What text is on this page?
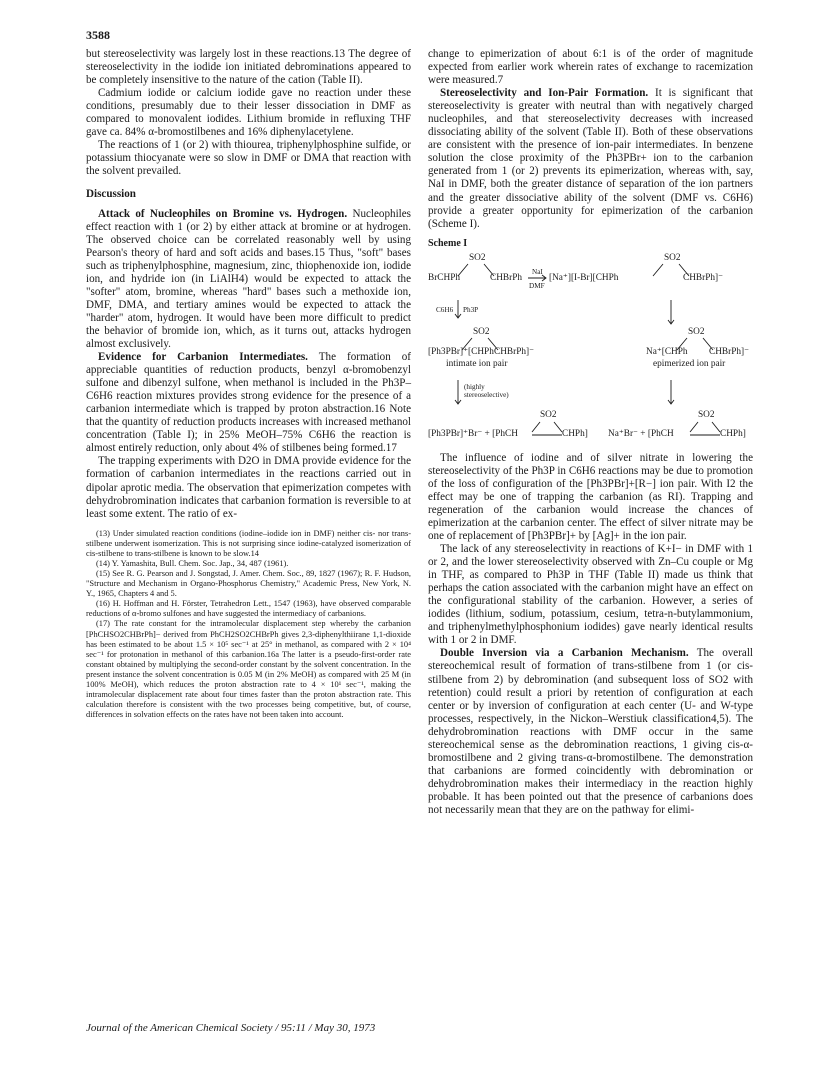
3588

but stereoselectivity was largely lost in these reactions.13 The degree of stereoselectivity in the iodide ion initiated debrominations appeared to be completely insensitive to the nature of the cation (Table II).

Cadmium iodide or calcium iodide gave no reaction under these conditions, presumably due to their lesser dissociation in DMF as compared to monovalent iodides. Lithium bromide in refluxing THF gave ca. 84% α-bromostilbenes and 16% diphenylacetylene.

The reactions of 1 (or 2) with thiourea, triphenylphosphine sulfide, or potassium thiocyanate were so slow in DMF or DMA that reaction with the solvent prevailed.

Discussion

Attack of Nucleophiles on Bromine vs. Hydrogen. Nucleophiles effect reaction with 1 (or 2) by either attack at bromine or at hydrogen. The observed choice can be correlated reasonably well by using Pearson's theory of hard and soft acids and bases.15 Thus, "soft" bases such as triphenylphosphine, magnesium, zinc, thiophenoxide ion, iodide ion, and hydride ion (in LiAlH4) would be expected to attack the "softer" atom, bromine, whereas "hard" bases such a methoxide ion, DMF, DMA, and tertiary amines would be expected to attack the "harder" atom, hydrogen. It would have been more difficult to predict the behavior of bromide ion, which, as it turns out, attacks hydrogen almost exclusively.

Evidence for Carbanion Intermediates. The formation of appreciable quantities of reduction products, benzyl α-bromobenzyl sulfone and dibenzyl sulfone, when methanol is included in the Ph3P–C6H6 reaction mixtures provides strong evidence for the presence of a carbanion intermediate which is trapped by proton abstraction.16 Note that the quantity of reduction products increases with increased methanol concentration (Table I); in 25% MeOH–75% C6H6 the reaction is almost entirely reduction, only about 4% of stilbenes being formed.17

The trapping experiments with D2O in DMA provide evidence for the formation of carbanion intermediates in the reactions carried out in dipolar aprotic media. The observation that epimerization competes with dehydrobromination indicates that carbanion formation is reversible to at least some extent. The ratio of ex-

(13) Under simulated reaction conditions (iodine–iodide ion in DMF) neither cis- nor trans-stilbene underwent isomerization. This is not surprising since iodine-catalyzed isomerization of cis-stilbene to trans-stilbene is known to be slow.14

(14) Y. Yamashita, Bull. Chem. Soc. Jap., 34, 487 (1961).

(15) See R. G. Pearson and J. Songstad, J. Amer. Chem. Soc., 89, 1827 (1967); R. F. Hudson, "Structure and Mechanism in Organo-Phosphorus Chemistry," Academic Press, New York, N. Y., 1965, Chapters 4 and 5.

(16) H. Hoffman and H. Förster, Tetrahedron Lett., 1547 (1963), have observed comparable reductions of α-bromo sulfones and have suggested the intermediacy of carbanions.

(17) The rate constant for the intramolecular displacement step whereby the carbanion [PhCHSO2CHBrPh]− derived from PhCH2SO2CHBrPh gives 2,3-diphenylthiirane 1,1-dioxide has been estimated to be about 1.5 × 10⁵ sec⁻¹ at 25° in methanol, as compared with 2 × 10⁴ sec⁻¹ for protonation in methanol of this carbanion.16a The latter is a pseudo-first-order rate constant obtained by multiplying the second-order constant by the solvent concentration. In the present instance the solvent concentration is 0.05 M (in 2% MeOH) as compared with 25 M (in 100% MeOH), which reduces the proton abstraction rate to 4 × 10¹ sec⁻¹, making the intramolecular displacement rate about four times faster than the proton abstraction rate. This calculation therefore is consistent with the two processes being competitive, but, of course, differences in solvation effects on the rates have not been taken into account.

change to epimerization of about 6:1 is of the order of magnitude expected from earlier work wherein rates of exchange to racemization were measured.7

Stereoselectivity and Ion-Pair Formation. It is significant that stereoselectivity is greater with neutral than with negatively charged nucleophiles, and that stereoselectivity decreases with increased dissociating ability of the solvent (Table II). Both of these observations are consistent with the presence of ion-pair intermediates. In benzene solution the close proximity of the Ph3PBr+ ion to the carbanion generated from 1 (or 2) prevents its epimerization, whereas with, say, NaI in DMF, both the greater distance of separation of the ion partners and the greater dissociative ability of the solvent (DMF vs. C6H6) provide a greater opportunity for epimerization of the carbanion (Scheme I).

Scheme I

SO2
BrCHPh	CHBrPh
NaI
DMF
SO2
[Na⁺][I-Br][CHPh	CHBrPh]⁻
C6H6 Ph3P
SO2
[Ph3PBr]⁺[CHPh CHBrPh]⁻
intimate ion pair
SO2
Na⁺[CHPh CHBrPh]⁻
epimerized ion pair
(highly
stereoselective)
SO2
[Ph3PBr]⁺Br⁻ + [PhCH	CHPh]
SO2
Na⁺Br⁻ + [PhCH	CHPh]

The influence of iodine and of silver nitrate in lowering the stereoselectivity of the Ph3P in C6H6 reactions may be due to promotion of the loss of configuration of the [Ph3PBr]+[R−] ion pair. With I2 the effect may be one of trapping the carbanion (as RI). Trapping and regeneration of the carbanion would increase the chances of epimerization at the carbanion center. The effect of silver nitrate may be one of replacement of [Ph3PBr]+ by [Ag]+ in the ion pair.

The lack of any stereoselectivity in reactions of K+I− in DMF with 1 or 2, and the lower stereoselectivity observed with Zn–Cu couple or Mg in THF, as compared to Ph3P in THF (Table II) made us think that perhaps the cation associated with the carbanion might have an effect on the configurational stability of the carbanion. However, a series of iodides (lithium, sodium, potassium, cesium, tetra-n-butylammonium, and triphenylmethylphosphonium iodides) gave nearly identical results with 1 or 2 in DMF.

Double Inversion via a Carbanion Mechanism. The overall stereochemical result of formation of trans-stilbene from 1 (or cis-stilbene from 2) by debromination (and subsequent loss of SO2 with retention) could result a priori by retention of configuration at each center or by inversion of configuration at each center (U- and W-type processes, respectively, in the Nickon–Werstiuk classification4,5). The dehydrobromination reactions with DMF occur in the same stereochemical sense as the debromination reactions, 1 giving cis-α-bromostilbene and 2 giving trans-α-bromostilbene. The demonstration that carbanions are formed coincidently with debromination or dehydrobromination makes their intermediacy in the reaction highly probable. It has been pointed out that the presence of carbanions does not necessarily mean that they are on the pathway for elimi-

Journal of the American Chemical Society / 95:11 / May 30, 1973
